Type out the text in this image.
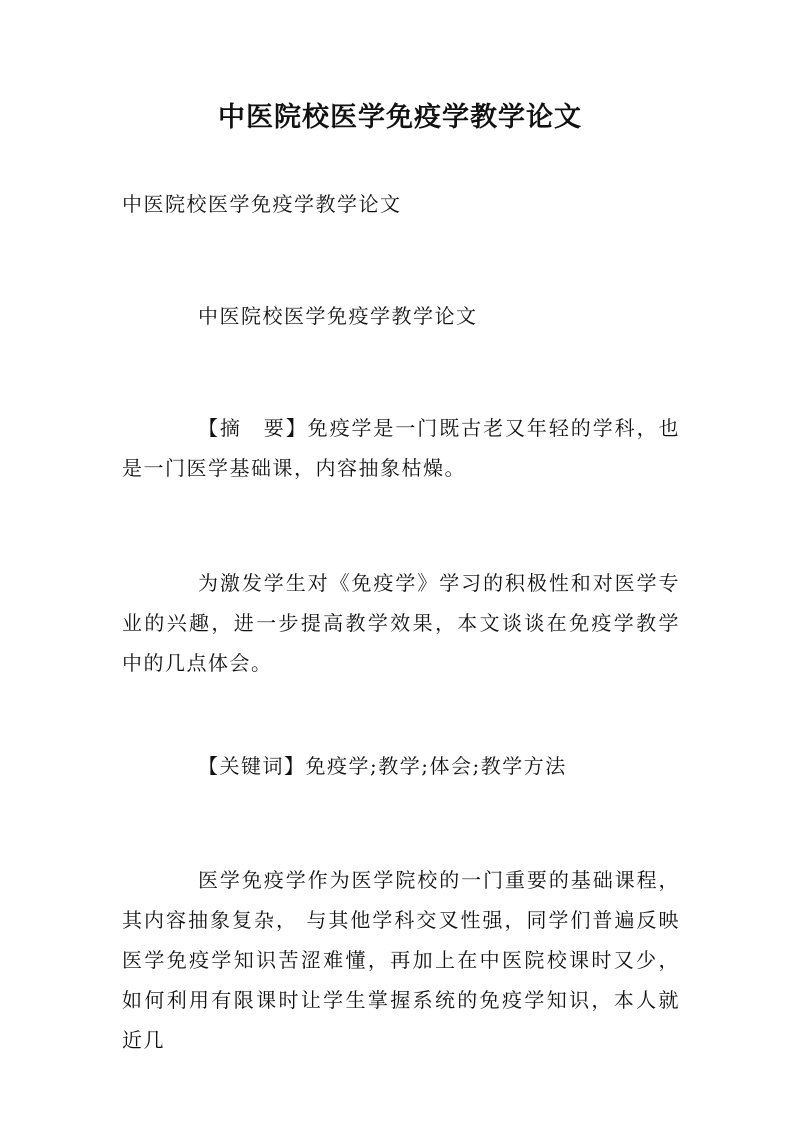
中医院校医学免疫学教学论文
中医院校医学免疫学教学论文
中医院校医学免疫学教学论文
【摘　要】免疫学是一门既古老又年轻的学科，也是一门医学基础课，内容抽象枯燥。
为激发学生对《免疫学》学习的积极性和对医学专业的兴趣，进一步提高教学效果，本文谈谈在免疫学教学中的几点体会。
【关键词】免疫学;教学;体会;教学方法
医学免疫学作为医学院校的一门重要的基础课程，其内容抽象复杂， 与其他学科交叉性强，同学们普遍反映医学免疫学知识苦涩难懂，再加上在中医院校课时又少，如何利用有限课时让学生掌握系统的免疫学知识，本人就近几
